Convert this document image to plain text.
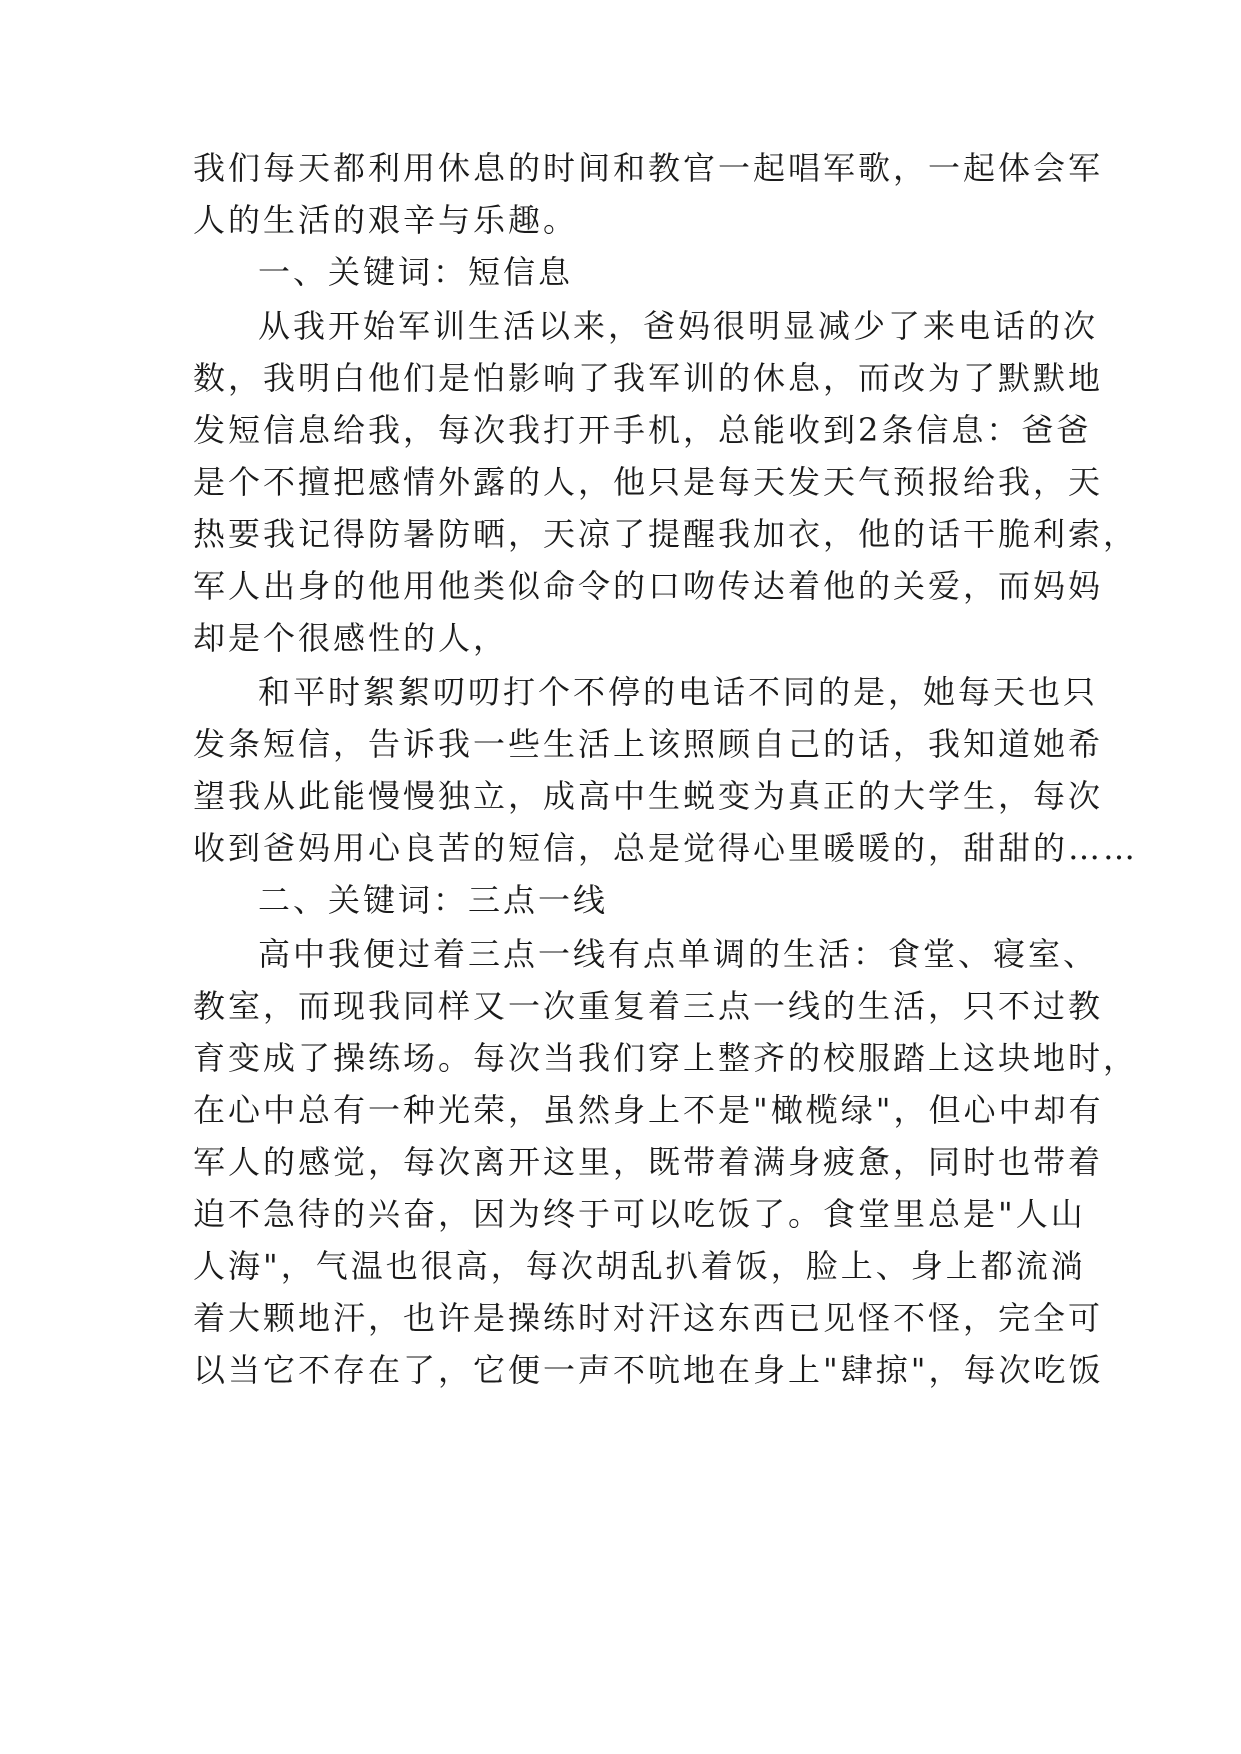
我们每天都利用休息的时间和教官一起唱军歌，一起体会军
人的生活的艰辛与乐趣。
一、关键词：短信息
从我开始军训生活以来，爸妈很明显减少了来电话的次
数，我明白他们是怕影响了我军训的休息，而改为了默默地
发短信息给我，每次我打开手机，总能收到2条信息：爸爸
是个不擅把感情外露的人，他只是每天发天气预报给我，天
热要我记得防暑防晒，天凉了提醒我加衣，他的话干脆利索，
军人出身的他用他类似命令的口吻传达着他的关爱，而妈妈
却是个很感性的人，
和平时絮絮叨叨打个不停的电话不同的是，她每天也只
发条短信，告诉我一些生活上该照顾自己的话，我知道她希
望我从此能慢慢独立，成高中生蜕变为真正的大学生，每次
收到爸妈用心良苦的短信，总是觉得心里暖暖的，甜甜的……
二、关键词：三点一线
高中我便过着三点一线有点单调的生活：食堂、寝室、
教室，而现我同样又一次重复着三点一线的生活，只不过教
育变成了操练场。每次当我们穿上整齐的校服踏上这块地时，
在心中总有一种光荣，虽然身上不是"橄榄绿"，但心中却有
军人的感觉，每次离开这里，既带着满身疲惫，同时也带着
迫不急待的兴奋，因为终于可以吃饭了。食堂里总是"人山
人海"，气温也很高，每次胡乱扒着饭，脸上、身上都流淌
着大颗地汗，也许是操练时对汗这东西已见怪不怪，完全可
以当它不存在了，它便一声不吭地在身上"肆掠"，每次吃饭
